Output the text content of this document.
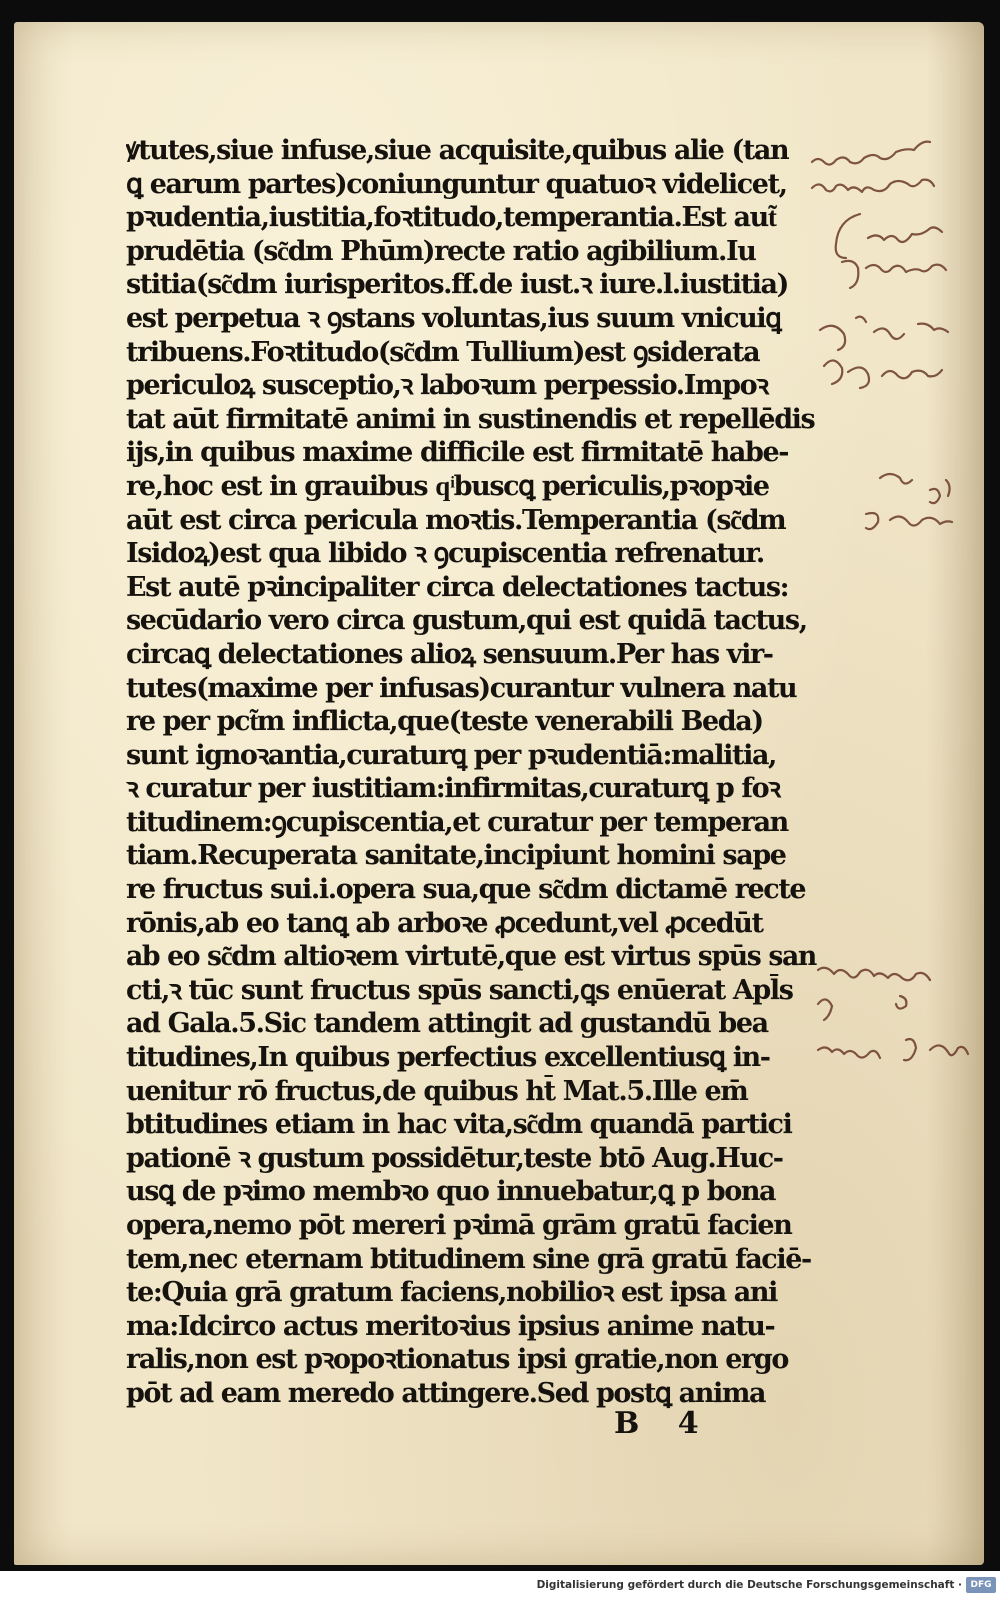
ꝟtutes,siue infuse,siue acquisite,quibus alie (tan
ꝗ earum partes)coniunguntur quatuoꝛ videlicet,
pꝛudentia,iustitia,foꝛtitudo,temperantia.Est aut͂
prudētia (sc͂dm Phūm)recte ratio agibilium.Iu
stitia(sc͂dm iurisperitos.ff.de iust.ꝛ iure.l.iustitia)
est perpetua ꝛ ꝯstans voluntas,ius suum vnicuiꝗ
tribuens.Foꝛtitudo(sc͂dm Tullium)est ꝯsiderata
periculoꝝ susceptio,ꝛ laboꝛum perpessio.Impoꝛ
tat aūt firmitatē animi in sustinendis et repellēdis
ijs,in quibus maxime difficile est firmitatē habe-
re,hoc est in grauibus qͥbuscꝗ periculis,pꝛopꝛie
aūt est circa pericula moꝛtis.Temperantia (sc͂dm
Isidoꝝ)est qua libido ꝛ ꝯcupiscentia refrenatur.
Est autē pꝛincipaliter circa delectationes tactus:
secūdario vero circa gustum,qui est quidā tactus,
circaꝗ delectationes alioꝝ sensuum.Per has vir-
tutes(maxime per infusas)curantur vulnera natu
re per pct͂m inflicta,que(teste venerabili Beda)
sunt ignoꝛantia,curaturꝗ per pꝛudentiā:malitia,
ꝛ curatur per iustitiam:infirmitas,curaturꝗ p foꝛ
titudinem:ꝯcupiscentia,et curatur per temperan
tiam.Recuperata sanitate,incipiunt homini sape
re fructus sui.i.opera sua,que sc͂dm dictamē recte
rōnis,ab eo tanꝗ ab arboꝛe ꝓcedunt,vel ꝓcedūt
ab eo sc͂dm altioꝛem virtutē,que est virtus spūs san
cti,ꝛ tūc sunt fructus spūs sancti,ꝗs enūerat Apl̄s
ad Gala.5.Sic tandem attingit ad gustandū bea
titudines,In quibus perfectius excellentiusꝗ in-
uenitur rō fructus,de quibus ht̄ Mat.5.Ille em̄
btitudines etiam in hac vita,sc͂dm quandā partici
pationē ꝛ gustum possidētur,teste btō Aug.Huc-
usꝗ de pꝛimo membꝛo quo innuebatur,ꝗ p bona
opera,nemo pōt mereri pꝛimā grām gratū facien
tem,nec eternam btitudinem sine grā gratū faciē-
te:Quia grā gratum faciens,nobilioꝛ est ipsa ani
ma:Idcirco actus meritoꝛius ipsius anime natu-
ralis,non est pꝛopoꝛtionatus ipsi gratie,non ergo
pōt ad eam meredo attingere.Sed postꝗ anima
B 4
Digitalisierung gefördert durch die Deutsche Forschungsgemeinschaft · DFG
